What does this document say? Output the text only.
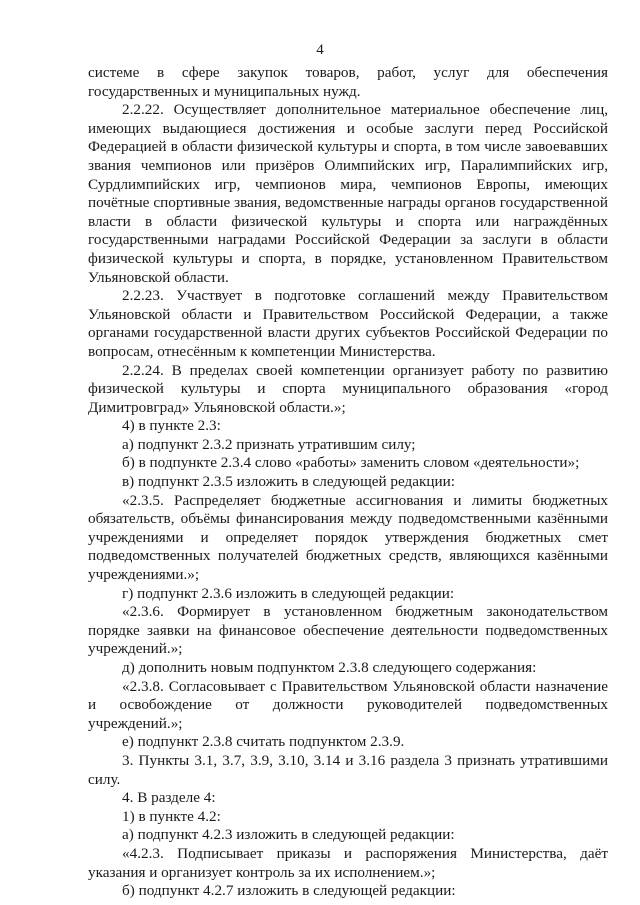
4

системе в сфере закупок товаров, работ, услуг для обеспечения государственных и муниципальных нужд.

2.2.22. Осуществляет дополнительное материальное обеспечение лиц, имеющих выдающиеся достижения и особые заслуги перед Российской Федерацией в области физической культуры и спорта, в том числе завоевавших звания чемпионов или призёров Олимпийских игр, Паралимпийских игр, Сурдлимпийских игр, чемпионов мира, чемпионов Европы, имеющих почётные спортивные звания, ведомственные награды органов государственной власти в области физической культуры и спорта или награждённых государственными наградами Российской Федерации за заслуги в области физической культуры и спорта, в порядке, установленном Правительством Ульяновской области.

2.2.23. Участвует в подготовке соглашений между Правительством Ульяновской области и Правительством Российской Федерации, а также органами государственной власти других субъектов Российской Федерации по вопросам, отнесённым к компетенции Министерства.

2.2.24. В пределах своей компетенции организует работу по развитию физической культуры и спорта муниципального образования «город Димитровград» Ульяновской области.»;

4) в пункте 2.3:

а) подпункт 2.3.2 признать утратившим силу;

б) в подпункте 2.3.4 слово «работы» заменить словом «деятельности»;

в) подпункт 2.3.5 изложить в следующей редакции:

«2.3.5. Распределяет бюджетные ассигнования и лимиты бюджетных обязательств, объёмы финансирования между подведомственными казёнными учреждениями и определяет порядок утверждения бюджетных смет подведомственных получателей бюджетных средств, являющихся казёнными учреждениями.»;

г) подпункт 2.3.6 изложить в следующей редакции:

«2.3.6. Формирует в установленном бюджетным законодательством порядке заявки на финансовое обеспечение деятельности подведомственных учреждений.»;

д) дополнить новым подпунктом 2.3.8 следующего содержания:

«2.3.8. Согласовывает с Правительством Ульяновской области назначение и освобождение от должности руководителей подведомственных учреждений.»;

е) подпункт 2.3.8 считать подпунктом 2.3.9.

3. Пункты 3.1, 3.7, 3.9, 3.10, 3.14 и 3.16 раздела 3 признать утратившими силу.

4. В разделе 4:

1) в пункте 4.2:

а) подпункт 4.2.3 изложить в следующей редакции:

«4.2.3. Подписывает приказы и распоряжения Министерства, даёт указания и организует контроль за их исполнением.»;

б) подпункт 4.2.7 изложить в следующей редакции:
